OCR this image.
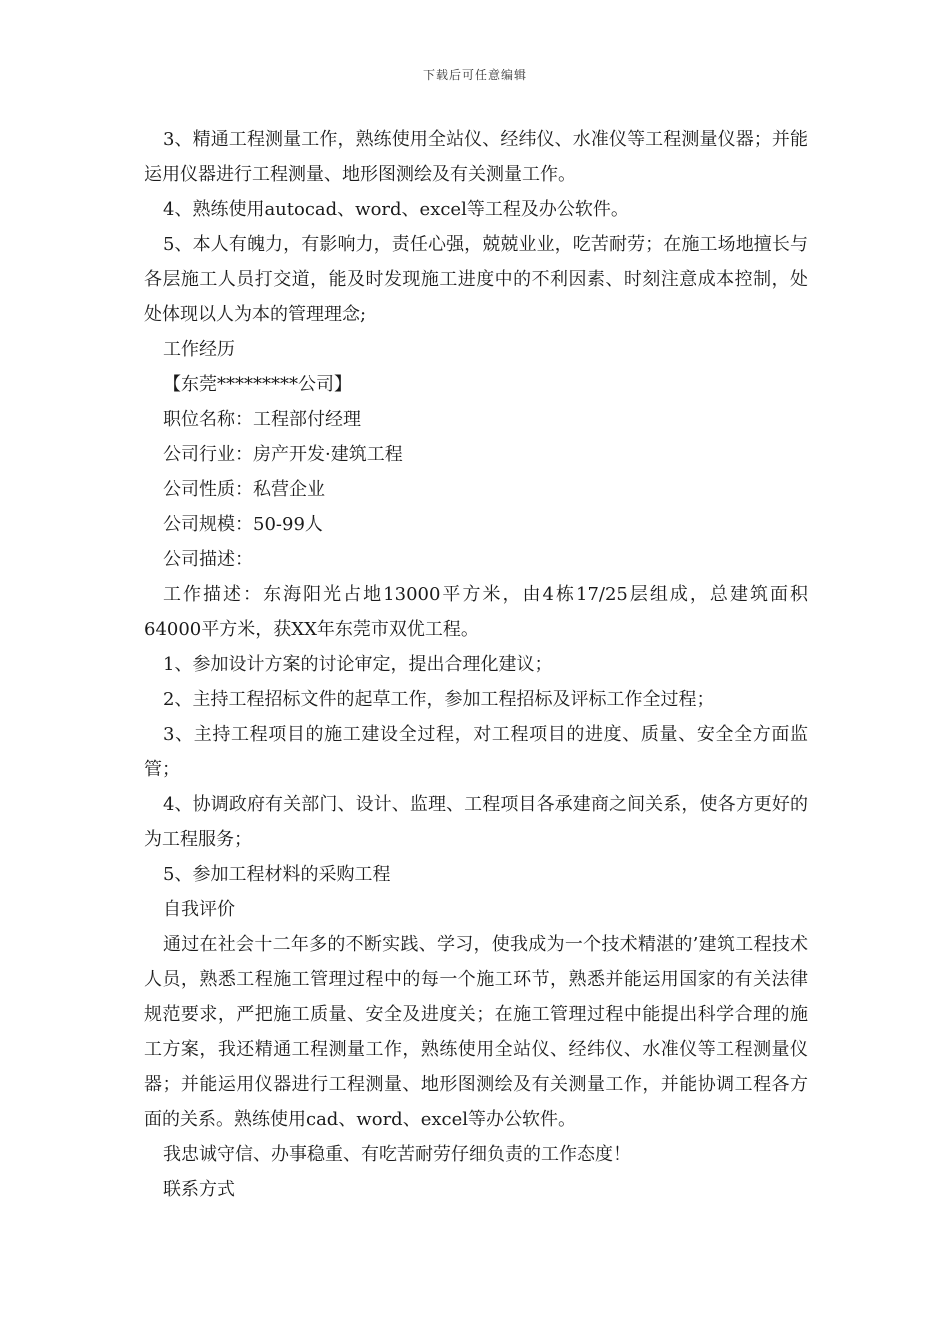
下载后可任意编辑

3、精通工程测量工作，熟练使用全站仪、经纬仪、水准仪等工程测量仪器；并能运用仪器进行工程测量、地形图测绘及有关测量工作。

4、熟练使用autocad、word、excel等工程及办公软件。

5、本人有魄力，有影响力，责任心强，兢兢业业，吃苦耐劳；在施工场地擅长与各层施工人员打交道，能及时发现施工进度中的不利因素、时刻注意成本控制，处处体现以人为本的管理理念;

工作经历

【东莞*********公司】

职位名称：工程部付经理

公司行业：房产开发·建筑工程

公司性质：私营企业

公司规模：50-99人

公司描述：

工作描述：东海阳光占地13000平方米，由4栋17/25层组成，总建筑面积64000平方米，获XX年东莞市双优工程。

1、参加设计方案的讨论审定，提出合理化建议；

2、主持工程招标文件的起草工作，参加工程招标及评标工作全过程；

3、主持工程项目的施工建设全过程，对工程项目的进度、质量、安全全方面监管；

4、协调政府有关部门、设计、监理、工程项目各承建商之间关系，使各方更好的为工程服务；

5、参加工程材料的采购工程

自我评价

通过在社会十二年多的不断实践、学习，使我成为一个技术精湛的’建筑工程技术人员，熟悉工程施工管理过程中的每一个施工环节，熟悉并能运用国家的有关法律规范要求，严把施工质量、安全及进度关；在施工管理过程中能提出科学合理的施工方案，我还精通工程测量工作，熟练使用全站仪、经纬仪、水准仪等工程测量仪器；并能运用仪器进行工程测量、地形图测绘及有关测量工作，并能协调工程各方面的关系。熟练使用cad、word、excel等办公软件。

我忠诚守信、办事稳重、有吃苦耐劳仔细负责的工作态度！

联系方式
